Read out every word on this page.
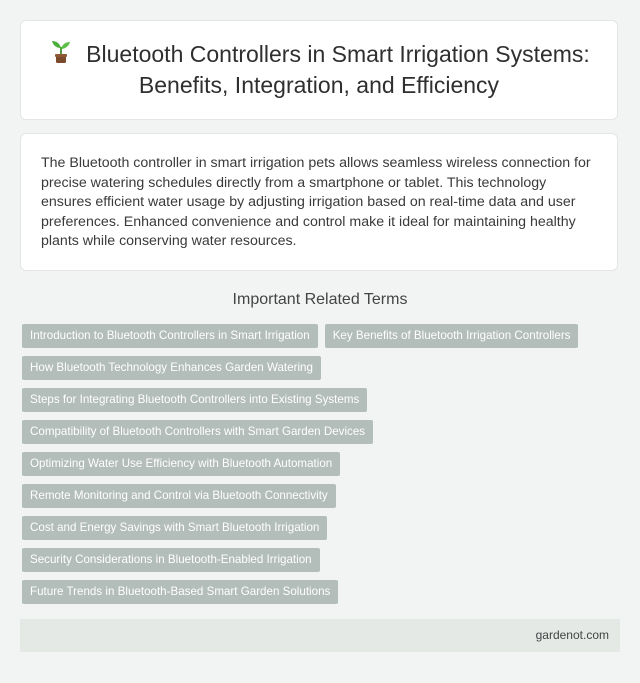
Bluetooth Controllers in Smart Irrigation Systems: Benefits, Integration, and Efficiency

The Bluetooth controller in smart irrigation pets allows seamless wireless connection for precise watering schedules directly from a smartphone or tablet. This technology ensures efficient water usage by adjusting irrigation based on real-time data and user preferences. Enhanced convenience and control make it ideal for maintaining healthy plants while conserving water resources.

Important Related Terms
Introduction to Bluetooth Controllers in Smart Irrigation Key Benefits of Bluetooth Irrigation Controllers
How Bluetooth Technology Enhances Garden Watering
Steps for Integrating Bluetooth Controllers into Existing Systems
Compatibility of Bluetooth Controllers with Smart Garden Devices
Optimizing Water Use Efficiency with Bluetooth Automation
Remote Monitoring and Control via Bluetooth Connectivity
Cost and Energy Savings with Smart Bluetooth Irrigation
Security Considerations in Bluetooth-Enabled Irrigation
Future Trends in Bluetooth-Based Smart Garden Solutions
gardenot.com
